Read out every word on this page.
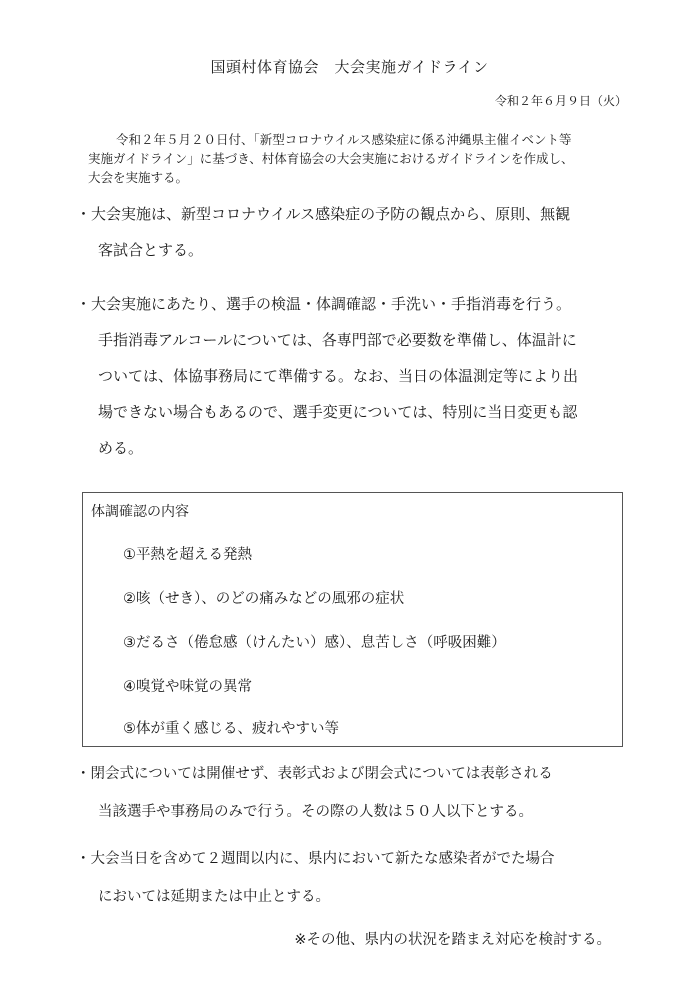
国頭村体育協会　大会実施ガイドライン
令和２年６月９日（火）
令和２年５月２０日付、「新型コロナウイルス感染症に係る沖縄県主催イベント等
実施ガイドライン」に基づき、村体育協会の大会実施におけるガイドラインを作成し、
大会を実施する。
・大会実施は、新型コロナウイルス感染症の予防の観点から、原則、無観
客試合とする。
・大会実施にあたり、選手の検温・体調確認・手洗い・手指消毒を行う。
手指消毒アルコールについては、各専門部で必要数を準備し、体温計に
ついては、体協事務局にて準備する。なお、当日の体温測定等により出
場できない場合もあるので、選手変更については、特別に当日変更も認
める。
体調確認の内容
①平熱を超える発熱
②咳（せき）、のどの痛みなどの風邪の症状
③だるさ（倦怠感（けんたい）感）、息苦しさ（呼吸困難）
④嗅覚や味覚の異常
⑤体が重く感じる、疲れやすい等
・閉会式については開催せず、表彰式および閉会式については表彰される
当該選手や事務局のみで行う。その際の人数は５０人以下とする。
・大会当日を含めて２週間以内に、県内において新たな感染者がでた場合
においては延期または中止とする。
※その他、県内の状況を踏まえ対応を検討する。
